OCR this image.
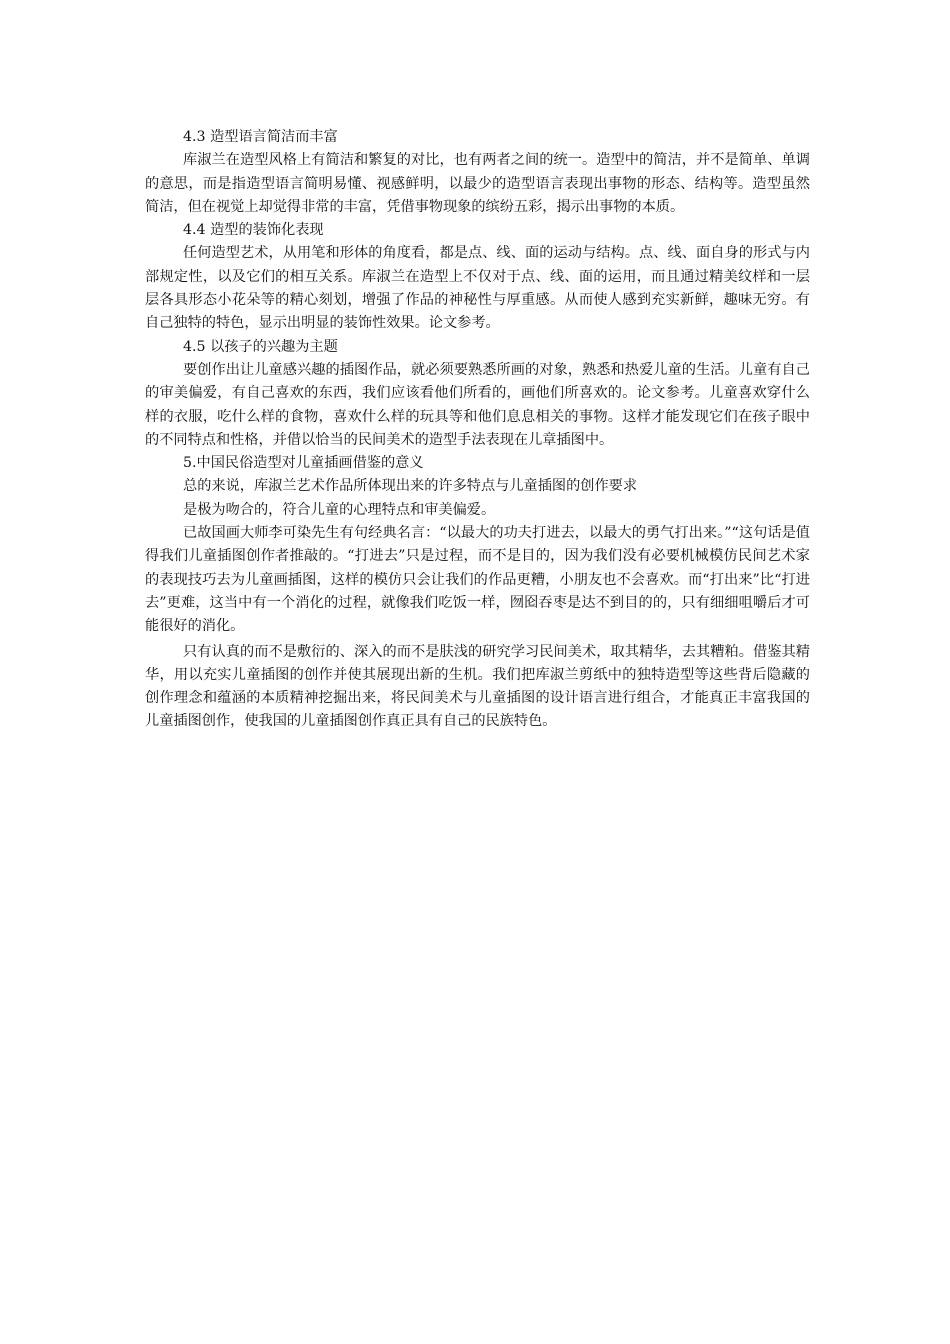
4.3 造型语言简洁而丰富

库淑兰在造型风格上有简洁和繁复的对比，也有两者之间的统一。造型中的简洁，并不是简单、单调的意思，而是指造型语言简明易懂、视感鲜明，以最少的造型语言表现出事物的形态、结构等。造型虽然简洁，但在视觉上却觉得非常的丰富，凭借事物现象的缤纷五彩，揭示出事物的本质。

4.4 造型的装饰化表现

任何造型艺术，从用笔和形体的角度看，都是点、线、面的运动与结构。点、线、面自身的形式与内部规定性，以及它们的相互关系。库淑兰在造型上不仅对于点、线、面的运用，而且通过精美纹样和一层层各具形态小花朵等的精心刻划，增强了作品的神秘性与厚重感。从而使人感到充实新鲜，趣味无穷。有自己独特的特色，显示出明显的装饰性效果。论文参考。

4.5 以孩子的兴趣为主题

要创作出让儿童感兴趣的插图作品，就必须要熟悉所画的对象，熟悉和热爱儿童的生活。儿童有自己的审美偏爱，有自己喜欢的东西，我们应该看他们所看的，画他们所喜欢的。论文参考。儿童喜欢穿什么样的衣服，吃什么样的食物，喜欢什么样的玩具等和他们息息相关的事物。这样才能发现它们在孩子眼中的不同特点和性格，并借以恰当的民间美术的造型手法表现在儿章插图中。

5.中国民俗造型对儿童插画借鉴的意义

总的来说，库淑兰艺术作品所体现出来的许多特点与儿童插图的创作要求

是极为吻合的，符合儿童的心理特点和审美偏爱。

已故国画大师李可染先生有句经典名言：“以最大的功夫打进去，以最大的勇气打出来。”“这句话是值得我们儿童插图创作者推敲的。“打进去”只是过程，而不是目的，因为我们没有必要机械模仿民间艺术家的表现技巧去为儿童画插图，这样的模仿只会让我们的作品更糟，小朋友也不会喜欢。而“打出来”比“打进去”更难，这当中有一个消化的过程，就像我们吃饭一样，囫囵吞枣是达不到目的的，只有细细咀嚼后才可能很好的消化。

只有认真的而不是敷衍的、深入的而不是肤浅的研究学习民间美术，取其精华，去其糟粕。借鉴其精华，用以充实儿童插图的创作并使其展现出新的生机。我们把库淑兰剪纸中的独特造型等这些背后隐藏的创作理念和蕴涵的本质精神挖掘出来，将民间美术与儿童插图的设计语言进行组合，才能真正丰富我国的儿童插图创作，使我国的儿童插图创作真正具有自己的民族特色。
